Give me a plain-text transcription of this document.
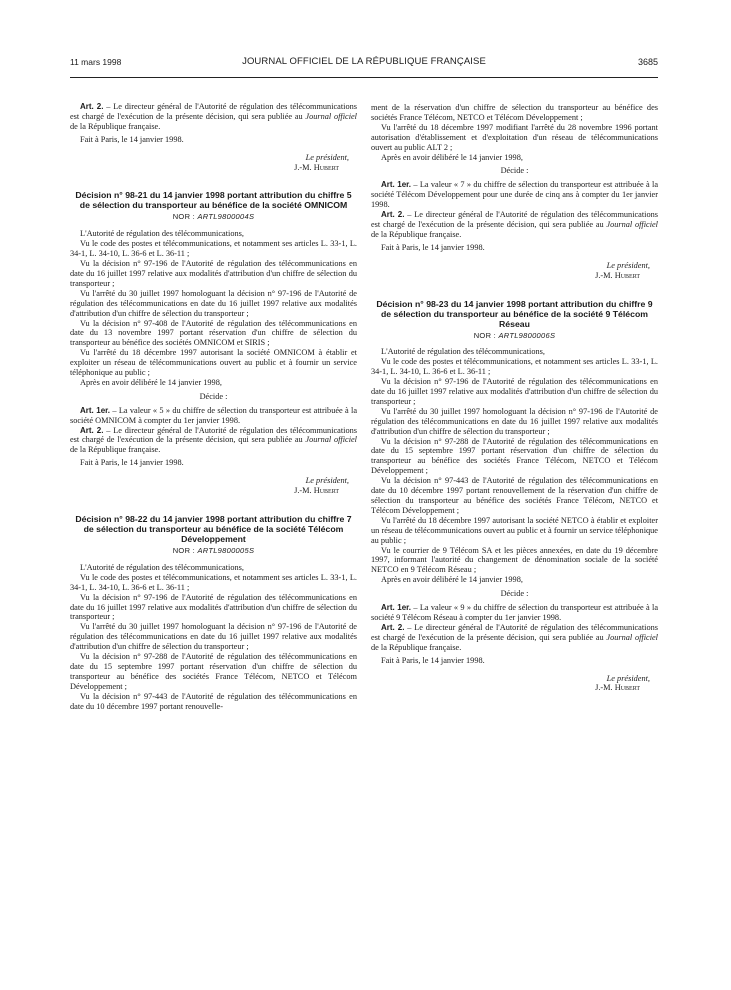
11 mars 1998	JOURNAL OFFICIEL DE LA RÉPUBLIQUE FRANÇAISE	3685

Art. 2. – Le directeur général de l'Autorité de régulation des télécommunications est chargé de l'exécution de la présente décision, qui sera publiée au Journal officiel de la République française.

Fait à Paris, le 14 janvier 1998.

Le président,
J.-M. Hubert

Décision n° 98-21 du 14 janvier 1998 portant attribution du chiffre 5 de sélection du transporteur au bénéfice de la société OMNICOM

NOR : ARTL9800004S

L'Autorité de régulation des télécommunications,

Vu le code des postes et télécommunications, et notamment ses articles L. 33-1, L. 34-1, L. 34-10, L. 36-6 et L. 36-11 ;

Vu la décision n° 97-196 de l'Autorité de régulation des télécommunications en date du 16 juillet 1997 relative aux modalités d'attribution d'un chiffre de sélection du transporteur ;

Vu l'arrêté du 30 juillet 1997 homologuant la décision n° 97-196 de l'Autorité de régulation des télécommunications en date du 16 juillet 1997 relative aux modalités d'attribution d'un chiffre de sélection du transporteur ;

Vu la décision n° 97-408 de l'Autorité de régulation des télécommunications en date du 13 novembre 1997 portant réservation d'un chiffre de sélection du transporteur au bénéfice des sociétés OMNICOM et SIRIS ;

Vu l'arrêté du 18 décembre 1997 autorisant la société OMNICOM à établir et exploiter un réseau de télécommunications ouvert au public et à fournir un service téléphonique au public ;

Après en avoir délibéré le 14 janvier 1998,

Décide :

Art. 1er. – La valeur « 5 » du chiffre de sélection du transporteur est attribuée à la société OMNICOM à compter du 1er janvier 1998.

Art. 2. – Le directeur général de l'Autorité de régulation des télécommunications est chargé de l'exécution de la présente décision, qui sera publiée au Journal officiel de la République française.

Fait à Paris, le 14 janvier 1998.

Le président,
J.-M. Hubert

Décision n° 98-22 du 14 janvier 1998 portant attribution du chiffre 7 de sélection du transporteur au bénéfice de la société Télécom Développement

NOR : ARTL9800005S

L'Autorité de régulation des télécommunications,

Vu le code des postes et télécommunications, et notamment ses articles L. 33-1, L. 34-1, L. 34-10, L. 36-6 et L. 36-11 ;

Vu la décision n° 97-196 de l'Autorité de régulation des télécommunications en date du 16 juillet 1997 relative aux modalités d'attribution d'un chiffre de sélection du transporteur ;

Vu l'arrêté du 30 juillet 1997 homologuant la décision n° 97-196 de l'Autorité de régulation des télécommunications en date du 16 juillet 1997 relative aux modalités d'attribution d'un chiffre de sélection du transporteur ;

Vu la décision n° 97-288 de l'Autorité de régulation des télécommunications en date du 15 septembre 1997 portant réservation d'un chiffre de sélection du transporteur au bénéfice des sociétés France Télécom, NETCO et Télécom Développement ;

Vu la décision n° 97-443 de l'Autorité de régulation des télécommunications en date du 10 décembre 1997 portant renouvelle-

ment de la réservation d'un chiffre de sélection du transporteur au bénéfice des sociétés France Télécom, NETCO et Télécom Développement ;

Vu l'arrêté du 18 décembre 1997 modifiant l'arrêté du 28 novembre 1996 portant autorisation d'établissement et d'exploitation d'un réseau de télécommunications ouvert au public ALT 2 ;

Après en avoir délibéré le 14 janvier 1998,

Décide :

Art. 1er. – La valeur « 7 » du chiffre de sélection du transporteur est attribuée à la société Télécom Développement pour une durée de cinq ans à compter du 1er janvier 1998.

Art. 2. – Le directeur général de l'Autorité de régulation des télécommunications est chargé de l'exécution de la présente décision, qui sera publiée au Journal officiel de la République française.

Fait à Paris, le 14 janvier 1998.

Le président,
J.-M. Hubert

Décision n° 98-23 du 14 janvier 1998 portant attribution du chiffre 9 de sélection du transporteur au bénéfice de la société 9 Télécom Réseau

NOR : ARTL9800006S

L'Autorité de régulation des télécommunications,

Vu le code des postes et télécommunications, et notamment ses articles L. 33-1, L. 34-1, L. 34-10, L. 36-6 et L. 36-11 ;

Vu la décision n° 97-196 de l'Autorité de régulation des télécommunications en date du 16 juillet 1997 relative aux modalités d'attribution d'un chiffre de sélection du transporteur ;

Vu l'arrêté du 30 juillet 1997 homologuant la décision n° 97-196 de l'Autorité de régulation des télécommunications en date du 16 juillet 1997 relative aux modalités d'attribution d'un chiffre de sélection du transporteur ;

Vu la décision n° 97-288 de l'Autorité de régulation des télécommunications en date du 15 septembre 1997 portant réservation d'un chiffre de sélection du transporteur au bénéfice des sociétés France Télécom, NETCO et Télécom Développement ;

Vu la décision n° 97-443 de l'Autorité de régulation des télécommunications en date du 10 décembre 1997 portant renouvellement de la réservation d'un chiffre de sélection du transporteur au bénéfice des sociétés France Télécom, NETCO et Télécom Développement ;

Vu l'arrêté du 18 décembre 1997 autorisant la société NETCO à établir et exploiter un réseau de télécommunications ouvert au public et à fournir un service téléphonique au public ;

Vu le courrier de 9 Télécom SA et les pièces annexées, en date du 19 décembre 1997, informant l'autorité du changement de dénomination sociale de la société NETCO en 9 Télécom Réseau ;

Après en avoir délibéré le 14 janvier 1998,

Décide :

Art. 1er. – La valeur « 9 » du chiffre de sélection du transporteur est attribuée à la société 9 Télécom Réseau à compter du 1er janvier 1998.

Art. 2. – Le directeur général de l'Autorité de régulation des télécommunications est chargé de l'exécution de la présente décision, qui sera publiée au Journal officiel de la République française.

Fait à Paris, le 14 janvier 1998.

Le président,
J.-M. Hubert
